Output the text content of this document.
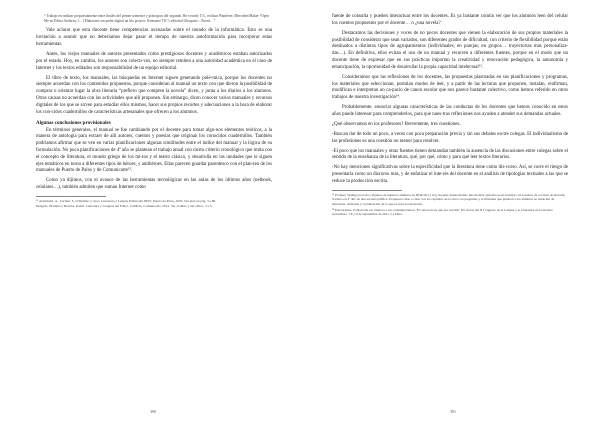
“ Trabajo en realizar propuestamente entre finales del primer trimestre y principios del segundo. Ro-cevarly T/C, realizar Wanderer, Mercedes/Maker “Open Me en Editor Audacity (…) Elaborará con poder digital un blo proyect. Romance TIC’s editorial Glosquire – Puerti…”

Vale aclarar que esta docente tiene competencias avanzadas sobre el mundo de la informática. Esto es una invitación a asumir que no deberíamos dejar pasar el tiempo de nuestra autoformación para incorporar estas herramientas.

Antes, los viejos manuales de autores presentados como prestigiosos docentes y académicos estaban autorizados por el estado. Hoy, en cambio, los autores son colecti-vos, no siempre remiten a una autoridad académica en el caso de Internet y los textos editados son responsabilidad de un equipo editorial.

El libro de texto, los manuales, las búsquedas en Internet siguen generando polé-mica, porque los docentes no siempre acuerdan con los contenidos propuestos, porque consideran al manual un texto con que dieron la posibilidad de comprar o orientar lugar la obra literaria “prefiero que compren la novela” dicen, y junta a los diarios a los alumnos. Otras causas no acuerdan con las actividades que allí proponen. Sin embargo, dicen conocer varios manuales y recursos digitales de los que se sirven para estudiar ellos mismos, hacer sus propios recortes y adecuaciones a la hora de elaborar los con-cidos cuadernillos de características artesanales que ofrecen a los alumnos.

Algunas conclusiones provisionales

En términos generales, el manual se fue cambiando por el docente para tomar algu-nos elementos teóricos, a la manera de antología para extraer de allí autores, cuentos y poesías que originan los conocidos cuadernillos. También podríamos afirmar que se ven en varias planificaciones algunas similitudes entre el índice del manual y la lógica de su formulación. No poca planificaciones de 4º año se plantean el trabajo anual con cierto criterio cronológico que imita con el concepto de literatura, el mundo griego de los mi-tos y el teatro clásico, y desarrolla en las unidades que le siguen ejes temáticos en torno a diferentes tipos de héroes, y antihéroes. Ellas parecen guardar parentesco con el plan-teo de los manuales de Puerto de Palos y de Comunicarte¹².

Como ya dijimos, con el avance de las herramientas tecnológicas en las aulas de los últimos años (netbook, celulares…), también admiten que suman Internet como

¹² Arduchetti, A., Cerfetti, S. O’Delfino y otros. Literatura y Lengua Polimodal III/IV, Puerto de Palos, 2003. Ver-sión en pág. 3 a 80.
Delgado, Mariana y Herrera, Isabel. Literatura y Lenguas del Editor, Cdidiola, Comunicarte, 2012. Ver si-diluo y del cálico, 3 a 5.
390

fuente de consulta y pueden interactuar entre los docentes. Es ya bastante común ver que los alumnos leen del celular los cuentos propuestos por el docente… o ¿una novela?

Destacamos las decisiones y voces de no pocos docentes que vienen la elaboración de sus propios materiales la posibilidad de considerar que sean variados, son diferentes grados de dificultad, con criterio de flexibilidad porque están destinados a distintos tipos de agrupamientos (individuales, en parejas, en grupos… trayectorias más personaliza-das…). En definitiva, ellos evitan el uso de un manual y recurren a diferentes fuentes, porque en el modo que un docente tiene de expresar que en sus prácticas importan la creatividad y renovación pedagógica, la autonomía y emancipación, la oportunidad de desarrollar la propia capacidad intelectual¹³.

Consideramos que las reflexiones de los docentes, las propuestas plasmadas en sus planificaciones y programas, los materiales que seleccionan, postulan modos de leer, y a partir de las lecturas que proponen, instalan, reafirman, modifican e interpretan un ca-pacio de canon escolar que nos parece bastante colectivo, como hemos referido en otros trabajos de nuestra investigación¹⁴.

Probablemente, enunciar algunas características de las conductas de los docentes que hemos conocido en estos años puede interesar para comprenderlos, para que nues-tras reflexiones nos ayuden a atender sus demandas actuales.

¿Qué observamos en los profesores? Brevemente, tres cuestiones.

-Buscan dar de todo un poco, a veces con poca preparación previa y sin sus debates en-tre colegas. El individualismo de las profesiones es una cuestión no menor para resolver.

-El poco que los manuales y otras fuentes tienen demandan también la ausencia de las discusiones entre colegas sobre el sentido de la enseñanza de la literatura, qué, por qué, cómo y para qué leer textos literarios.

-No hay menciones significativas sobre la especificidad que la literatura tiene como dis-curso. Así, se corre el riesgo de presentarla como un discurso más, y de enfatizar el inte-rés del docente en el análisis de tipologías textuales a las que se reduce la producción escrita.

¹³ Profesor Ventiga recorda a algunos de nuestros alumnos de Didáctica y hoy docente desarrollando una lucidez operativa para trabajar con Cuentos de corazón de Osvaldo Soriano en 4º año de una escuela pública. Propuesta clase a clase con las capítulos de la obra con preguntas y actividades que guiaban a los alumnos en situación de entrevista, reflexión y socialización de lo que el autor ha mostrado.
¹⁴ Estivariense. Fabiola De los clásicos a los contemporáneos. El canon en las que por escribir. En: Actas del II Congreso de la Lengua y la Literatura en la escuela secundaria. 7,8 y 9 de septiembre de 2011, La Plata.
391
